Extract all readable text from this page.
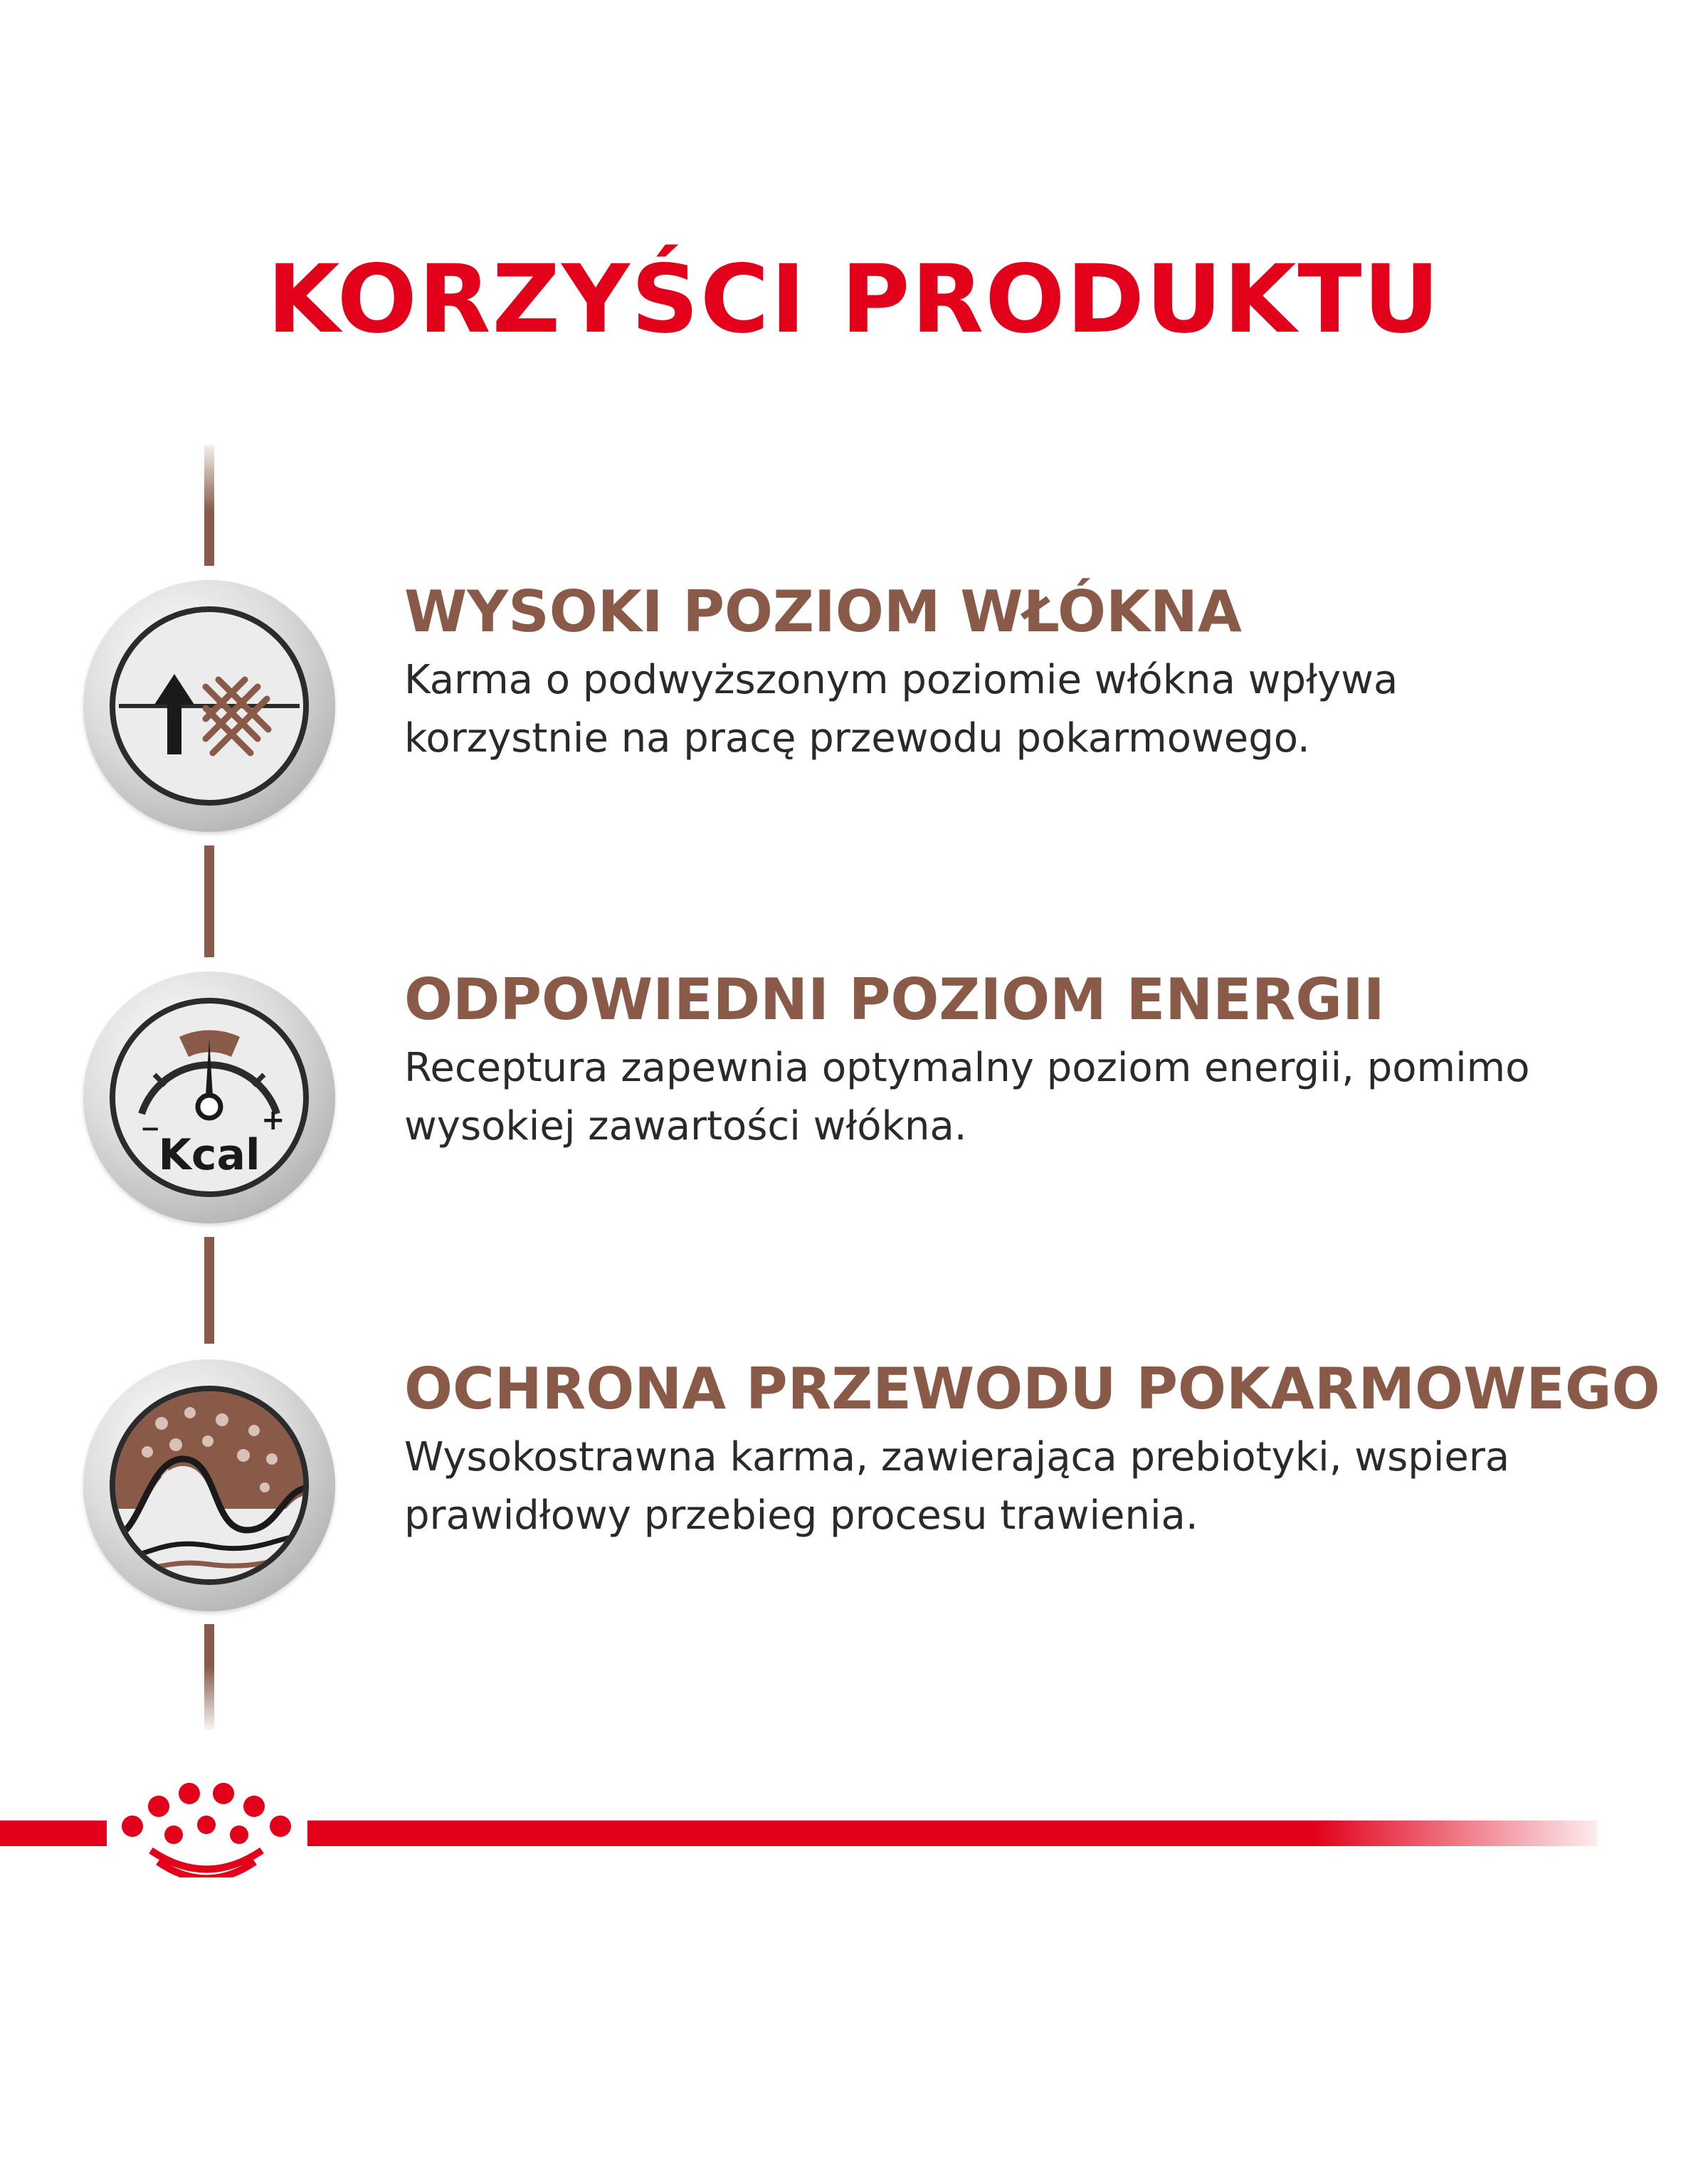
KORZYŚCI PRODUKTU
WYSOKI POZIOM WŁÓKNA
Karma o podwyższonym poziomie włókna wpływa
korzystnie na pracę przewodu pokarmowego.
−	+
Kcal
ODPOWIEDNI POZIOM ENERGII
Receptura zapewnia optymalny poziom energii, pomimo
wysokiej zawartości włókna.
OCHRONA PRZEWODU POKARMOWEGO
Wysokostrawna karma, zawierająca prebiotyki, wspiera
prawidłowy przebieg procesu trawienia.
